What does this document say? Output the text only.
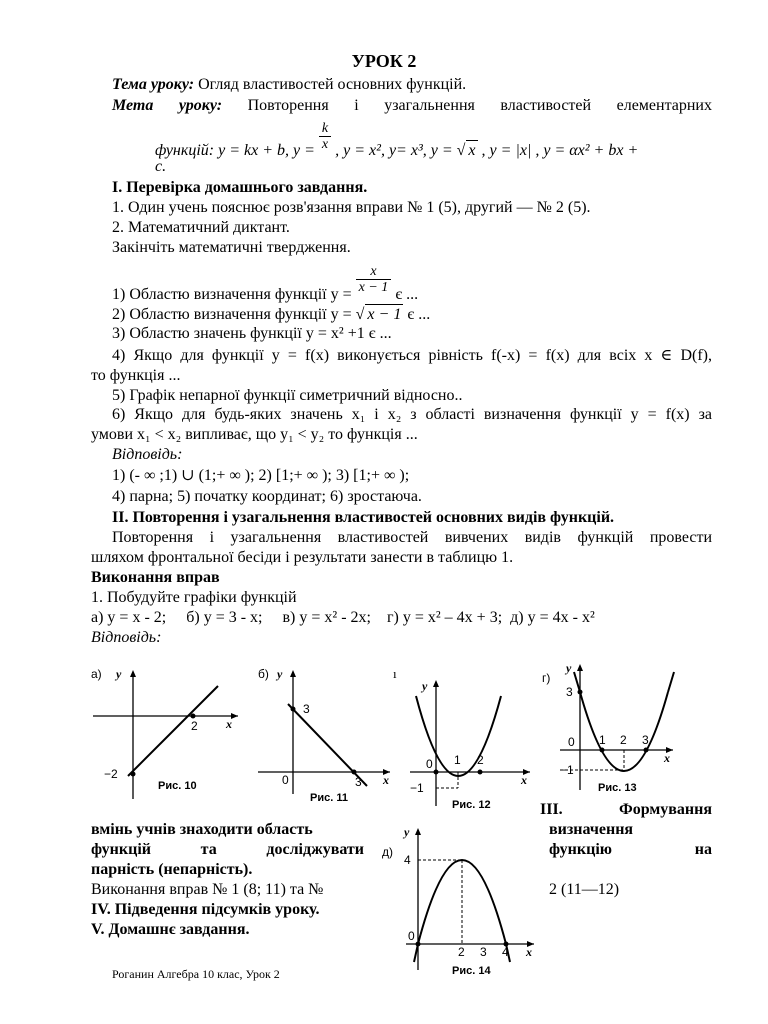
УРОК 2
Тема уроку: Огляд властивостей основних функцій.
Мета уроку: Повторення і узагальнення властивостей елементарних
функцій: y = kx + b, $y = \frac{k}{x}$ , y = x², y= x³, y = √ x , y = |x| , y = αx² + bx +
c.
І. Перевірка домашнього завдання.
1. Один учень пояснює розв'язання вправи № 1 (5), другий — № 2 (5).
2. Математичний диктант.
Закінчіть математичні твердження.
1) Областю визначення функції $y = \frac{x}{x - 1}$ є ...
2) Областю визначення функції y = √ x − 1 є ...
3) Областю значень функції y = x² +1 є ...
4) Якщо для функції y = f(x) виконується рівність f(-x) = f(x) для всіх x ∈ D(f),
то функція ...
5) Графік непарної функції симетричний відносно..
6) Якщо для будь-яких значень x₁ і x₂ з області визначення функції y = f(x) за
умови x₁ < x₂ випливає, що y₁ < y₂ то функція ...
Відповідь:
1) (- ∞ ;1) ∪ (1;+ ∞ ); 2) [1;+ ∞ ); 3) [1;+ ∞ );
4) парна; 5) початку координат; 6) зростаюча.
ІІ. Повторення і узагальнення властивостей основних видів функцій.
Повторення і узагальнення властивостей вивчених видів функцій провести
шляхом фронтальної бесіди і результати занести в таблицю 1.
Виконання вправ
1. Побудуйте графіки функцій
а) y = x - 2;     б) y = 3 - x;     в) y = x² - 2x;    г) y = x² – 4x + 3;  д) y = 4x - x²
Відповідь:
а) y
x
2
−2
Рис. 10
б) y
x
3
3
0
Рис. 11
ı
y
x
1 2
0
−1
Рис. 12
г)
y
x
3
0 1 2 3
−1
Рис. 13
ІІІ.	Формування
вмінь учнів знаходити область	визначення
функцій	та	досліджувати	функцію	на
парність (непарність).
Виконання вправ № 1 (8; 11) та №	2 (11—12)
IV. Підведення підсумків уроку.
V. Домашнє завдання.
д)
y
x
4
0
2 3 4
Рис. 14
Роганин Алгебра 10 клас, Урок 2
